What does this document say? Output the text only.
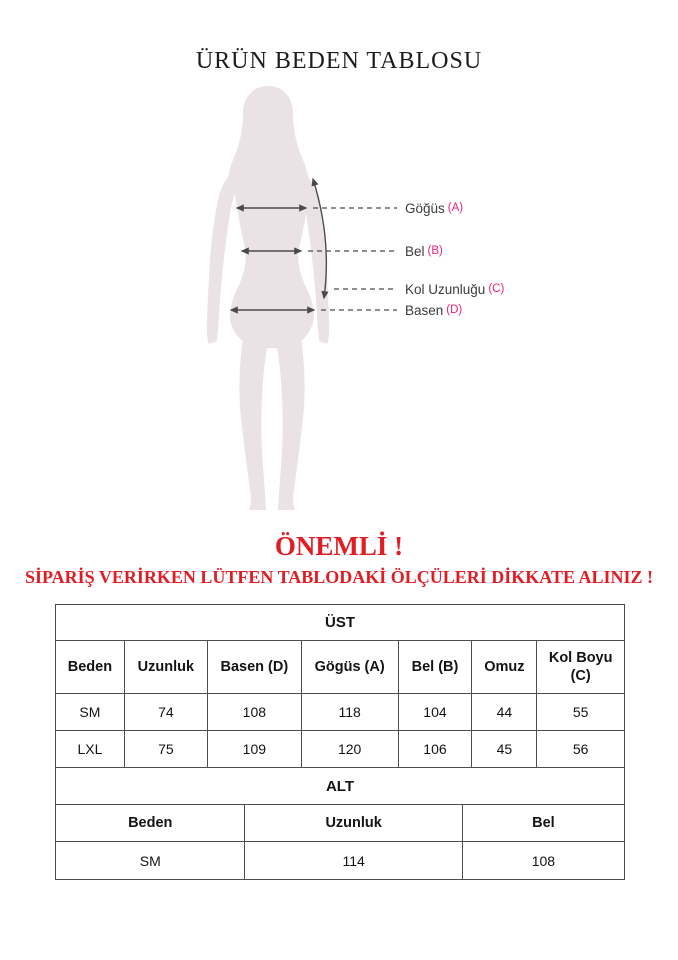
ÜRÜN BEDEN TABLOSU
Göğüs (A)
Bel (B)
Kol Uzunluğu (C)
Basen (D)
ÖNEMLİ !
SİPARİŞ VERİRKEN LÜTFEN TABLODAKİ ÖLÇÜLERİ DİKKATE ALINIZ !
ÜST						
Beden	Uzunluk	Basen (D)	Gögüs (A)	Bel (B)	Omuz	Kol Boyu (C)
SM	74	108	118	104	44	55
LXL	75	109	120	106	45	56
ALT		
Beden	Uzunluk	Bel
SM	114	108
